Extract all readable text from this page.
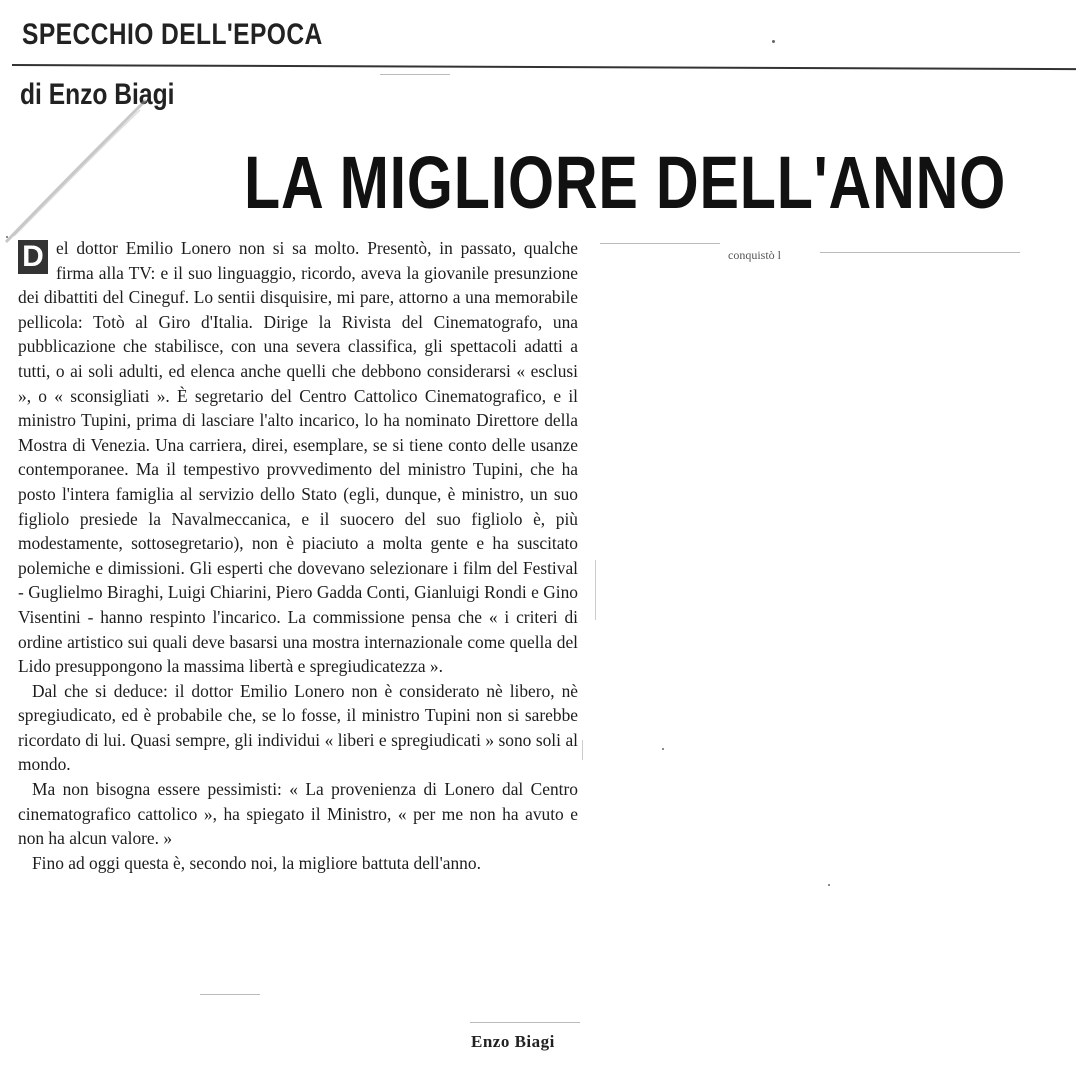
SPECCHIO DELL'EPOCA
di Enzo Biagi
LA MIGLIORE DELL'ANNO

D el dottor Emilio Lonero non si sa molto. Presentò, in passato, qualche firma alla TV: e il suo linguaggio, ricordo, aveva la giovanile presunzione dei dibattiti del Cineguf. Lo sentii disquisire, mi pare, attorno a una memorabile pellicola: Totò al Giro d'Italia. Dirige la Rivista del Cinematografo, una pubblicazione che stabilisce, con una severa classifica, gli spettacoli adatti a tutti, o ai soli adulti, ed elenca anche quelli che debbono considerarsi « esclusi », o « sconsigliati ». È segretario del Centro Cattolico Cinematografico, e il ministro Tupini, prima di lasciare l'alto incarico, lo ha nominato Direttore della Mostra di Venezia. Una carriera, direi, esemplare, se si tiene conto delle usanze contemporanee. Ma il tempestivo provvedimento del ministro Tupini, che ha posto l'intera famiglia al servizio dello Stato (egli, dunque, è ministro, un suo figliolo presiede la Navalmeccanica, e il suocero del suo figliolo è, più modestamente, sottosegretario), non è piaciuto a molta gente e ha suscitato polemiche e dimissioni. Gli esperti che dovevano selezionare i film del Festival - Guglielmo Biraghi, Luigi Chiarini, Piero Gadda Conti, Gianluigi Rondi e Gino Visentini - hanno respinto l'incarico. La commissione pensa che « i criteri di ordine artistico sui quali deve basarsi una mostra internazionale come quella del Lido presuppongono la massima libertà e spregiudicatezza ».

Dal che si deduce: il dottor Emilio Lonero non è considerato nè libero, nè spregiudicato, ed è probabile che, se lo fosse, il ministro Tupini non si sarebbe ricordato di lui. Quasi sempre, gli individui « liberi e spregiudicati » sono soli al mondo.

Ma non bisogna essere pessimisti: « La provenienza di Lonero dal Centro cinematografico cattolico », ha spiegato il Ministro, « per me non ha avuto e non ha alcun valore. »

Fino ad oggi questa è, secondo noi, la migliore battuta dell'anno.

Enzo Biagi
conquistò l
